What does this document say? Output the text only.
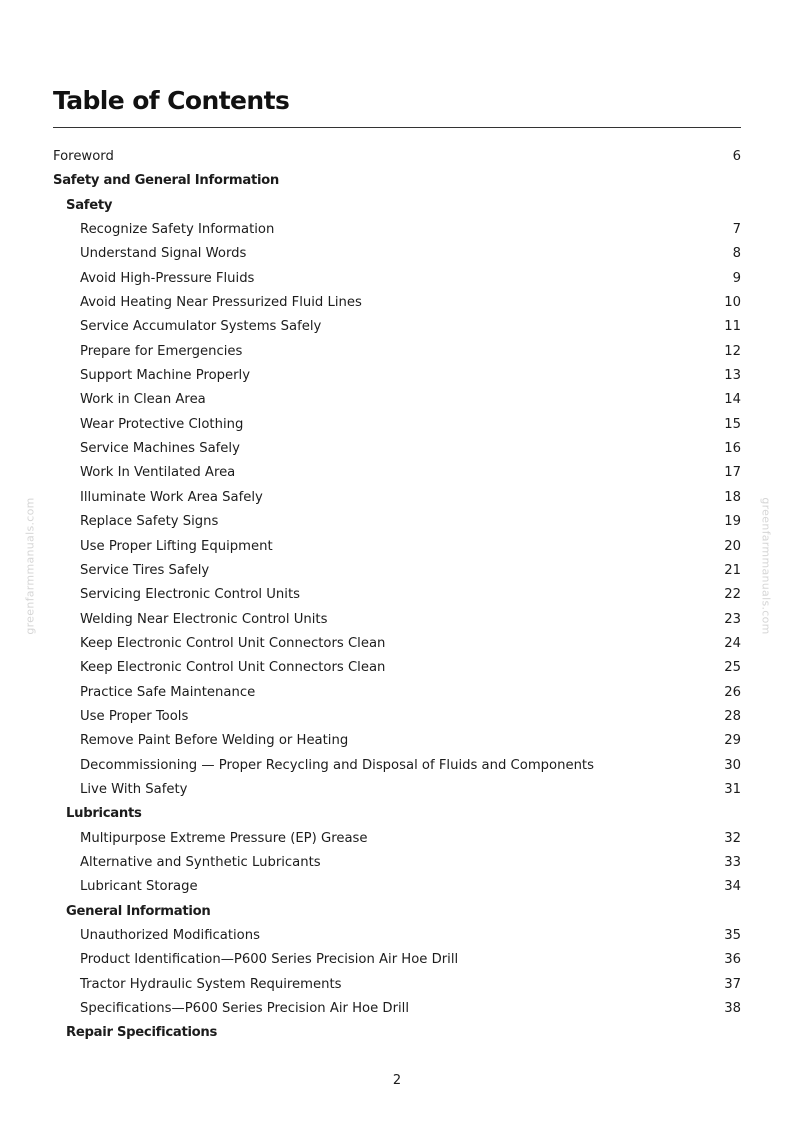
Table of Contents
Foreword	6
Safety and General Information
Safety
Recognize Safety Information	7
Understand Signal Words	8
Avoid High-Pressure Fluids	9
Avoid Heating Near Pressurized Fluid Lines	10
Service Accumulator Systems Safely	11
Prepare for Emergencies	12
Support Machine Properly	13
Work in Clean Area	14
Wear Protective Clothing	15
Service Machines Safely	16
Work In Ventilated Area	17
Illuminate Work Area Safely	18
Replace Safety Signs	19
Use Proper Lifting Equipment	20
Service Tires Safely	21
Servicing Electronic Control Units	22
Welding Near Electronic Control Units	23
Keep Electronic Control Unit Connectors Clean	24
Keep Electronic Control Unit Connectors Clean	25
Practice Safe Maintenance	26
Use Proper Tools	28
Remove Paint Before Welding or Heating	29
Decommissioning — Proper Recycling and Disposal of Fluids and Components	30
Live With Safety	31
Lubricants
Multipurpose Extreme Pressure (EP) Grease	32
Alternative and Synthetic Lubricants	33
Lubricant Storage	34
General Information
Unauthorized Modifications	35
Product Identification—P600 Series Precision Air Hoe Drill	36
Tractor Hydraulic System Requirements	37
Specifications—P600 Series Precision Air Hoe Drill	38
Repair Specifications
greenfarmmanuals.com	greenfarmmanuals.com
2
